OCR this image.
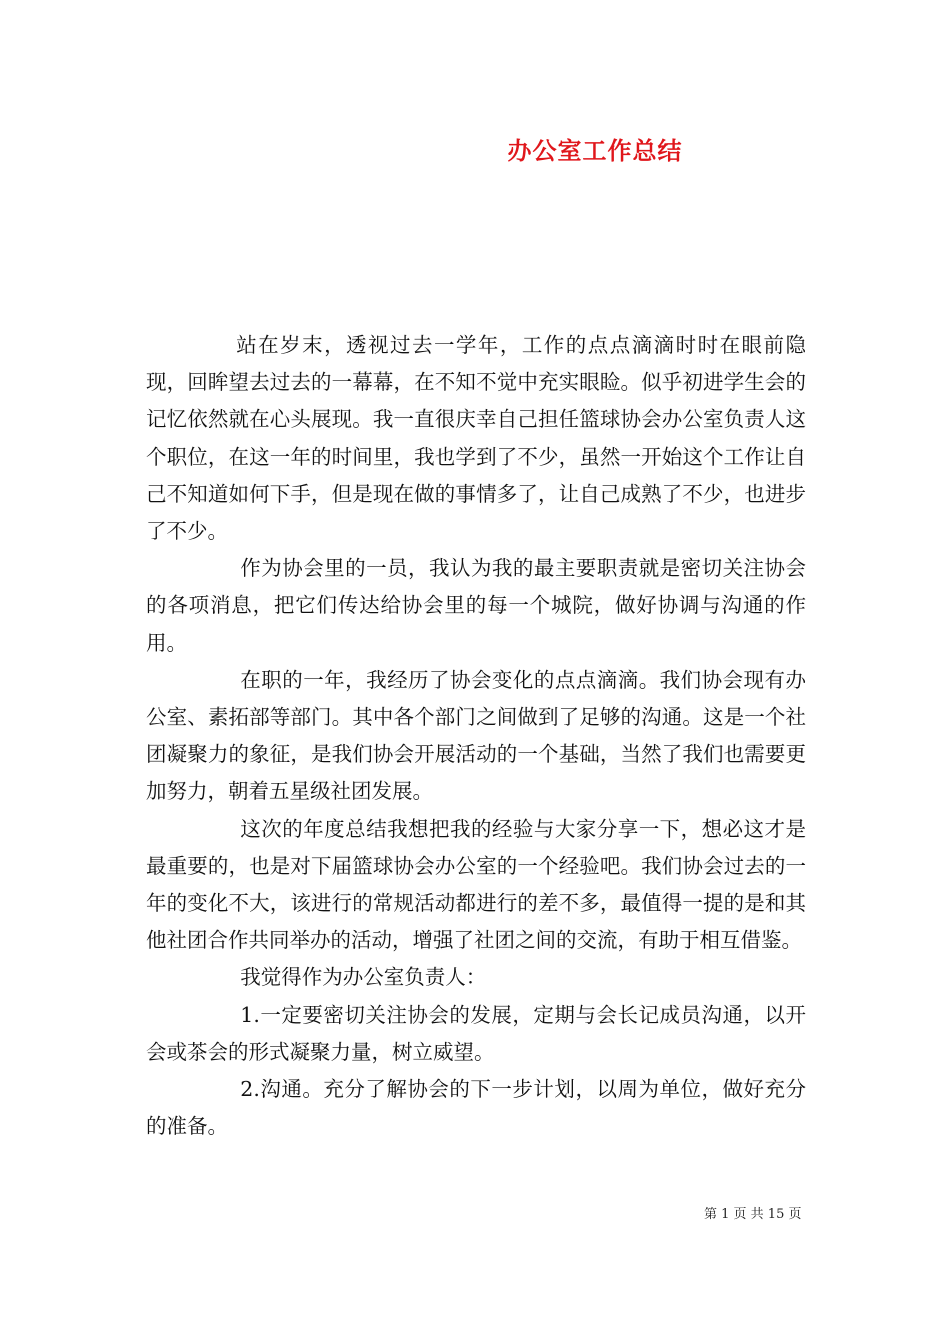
办公室工作总结

站在岁末，透视过去一学年，工作的点点滴滴时时在眼前隐现，回眸望去过去的一幕幕，在不知不觉中充实眼睑。似乎初进学生会的记忆依然就在心头展现。我一直很庆幸自己担任篮球协会办公室负责人这个职位，在这一年的时间里，我也学到了不少，虽然一开始这个工作让自己不知道如何下手，但是现在做的事情多了，让自己成熟了不少，也进步了不少。

作为协会里的一员，我认为我的最主要职责就是密切关注协会的各项消息，把它们传达给协会里的每一个城院，做好协调与沟通的作用。

在职的一年，我经历了协会变化的点点滴滴。我们协会现有办公室、素拓部等部门。其中各个部门之间做到了足够的沟通。这是一个社团凝聚力的象征，是我们协会开展活动的一个基础，当然了我们也需要更加努力，朝着五星级社团发展。

这次的年度总结我想把我的经验与大家分享一下，想必这才是最重要的，也是对下届篮球协会办公室的一个经验吧。我们协会过去的一年的变化不大，该进行的常规活动都进行的差不多，最值得一提的是和其他社团合作共同举办的活动，增强了社团之间的交流，有助于相互借鉴。

我觉得作为办公室负责人：

1.一定要密切关注协会的发展，定期与会长记成员沟通，以开会或茶会的形式凝聚力量，树立威望。

2.沟通。充分了解协会的下一步计划，以周为单位，做好充分的准备。

第 1 页 共 15 页
